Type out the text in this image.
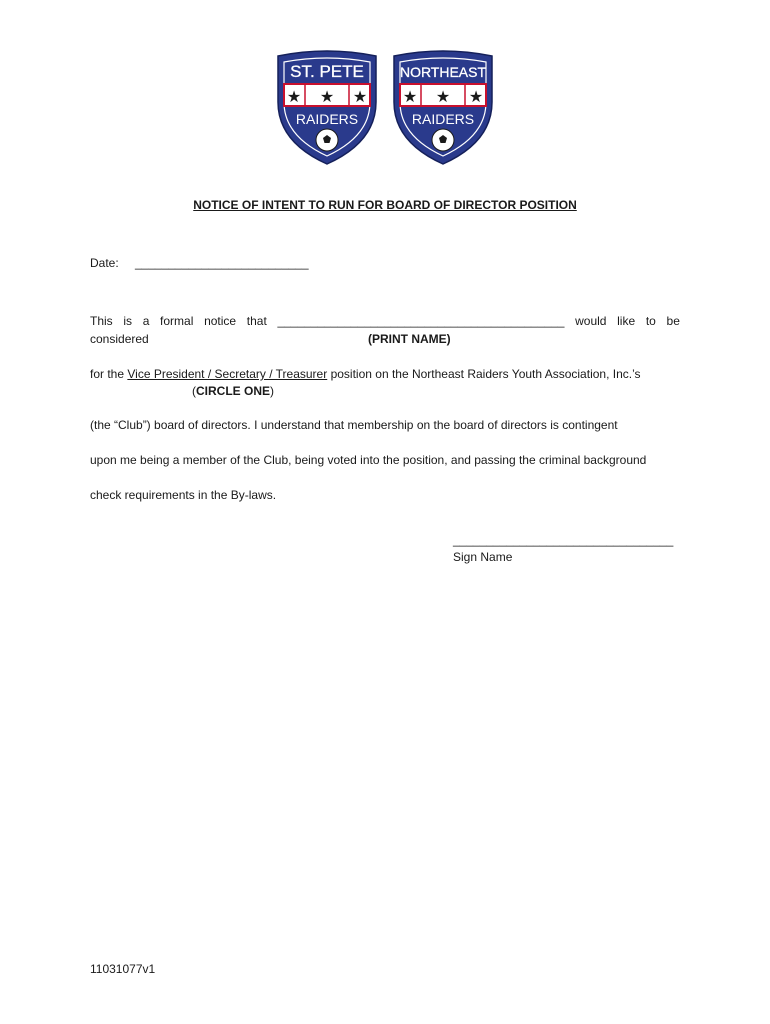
ST. PETE
★ ★ ★
RAIDERS
NORTHEAST
★ ★ ★
RAIDERS
NOTICE OF INTENT TO RUN FOR BOARD OF DIRECTOR POSITION
Date: __________________________
This is a formal notice that ___________________________________________ would like to be
considered	(PRINT NAME)
for the Vice President / Secretary / Treasurer position on the Northeast Raiders Youth Association, Inc.’s
(CIRCLE ONE)
(the “Club”) board of directors. I understand that membership on the board of directors is contingent
upon me being a member of the Club, being voted into the position, and passing the criminal background
check requirements in the By-laws.
_________________________________
Sign Name
11031077v1
